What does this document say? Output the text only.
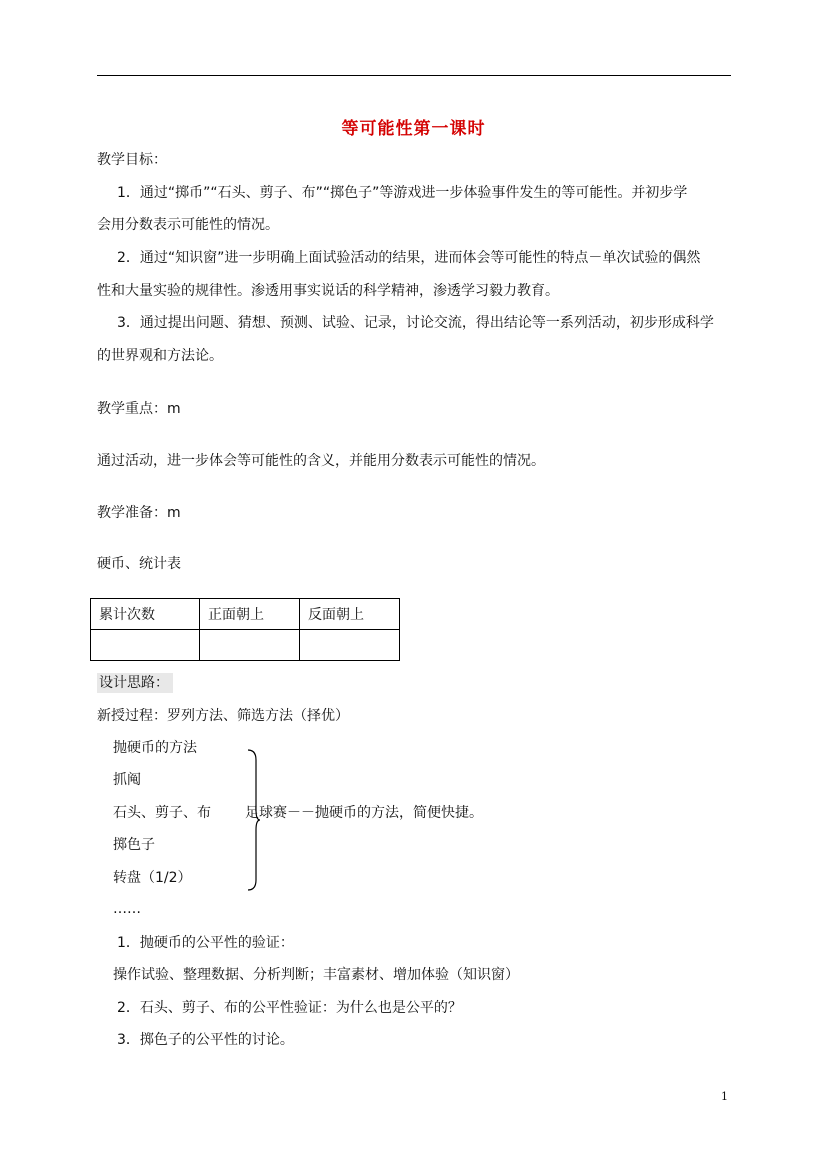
等可能性第一课时
教学目标：
1．通过“掷币”“石头、剪子、布”“掷色子”等游戏进一步体验事件发生的等可能性。并初步学
会用分数表示可能性的情况。
2．通过“知识窗”进一步明确上面试验活动的结果，进而体会等可能性的特点－单次试验的偶然
性和大量实验的规律性。渗透用事实说话的科学精神，渗透学习毅力教育。
3．通过提出问题、猜想、预测、试验、记录，讨论交流，得出结论等一系列活动，初步形成科学
的世界观和方法论。
教学重点：m
通过活动，进一步体会等可能性的含义，并能用分数表示可能性的情况。
教学准备：m
硬币、统计表
累计次数	正面朝上	反面朝上

设计思路：
新授过程：罗列方法、筛选方法（择优）
抛硬币的方法
抓阄
石头、剪子、布
掷色子
转盘（1/2）
足球赛－－抛硬币的方法，简便快捷。
……
1．抛硬币的公平性的验证：
操作试验、整理数据、分析判断；丰富素材、增加体验（知识窗）
2．石头、剪子、布的公平性验证：为什么也是公平的？
3．掷色子的公平性的讨论。
1
